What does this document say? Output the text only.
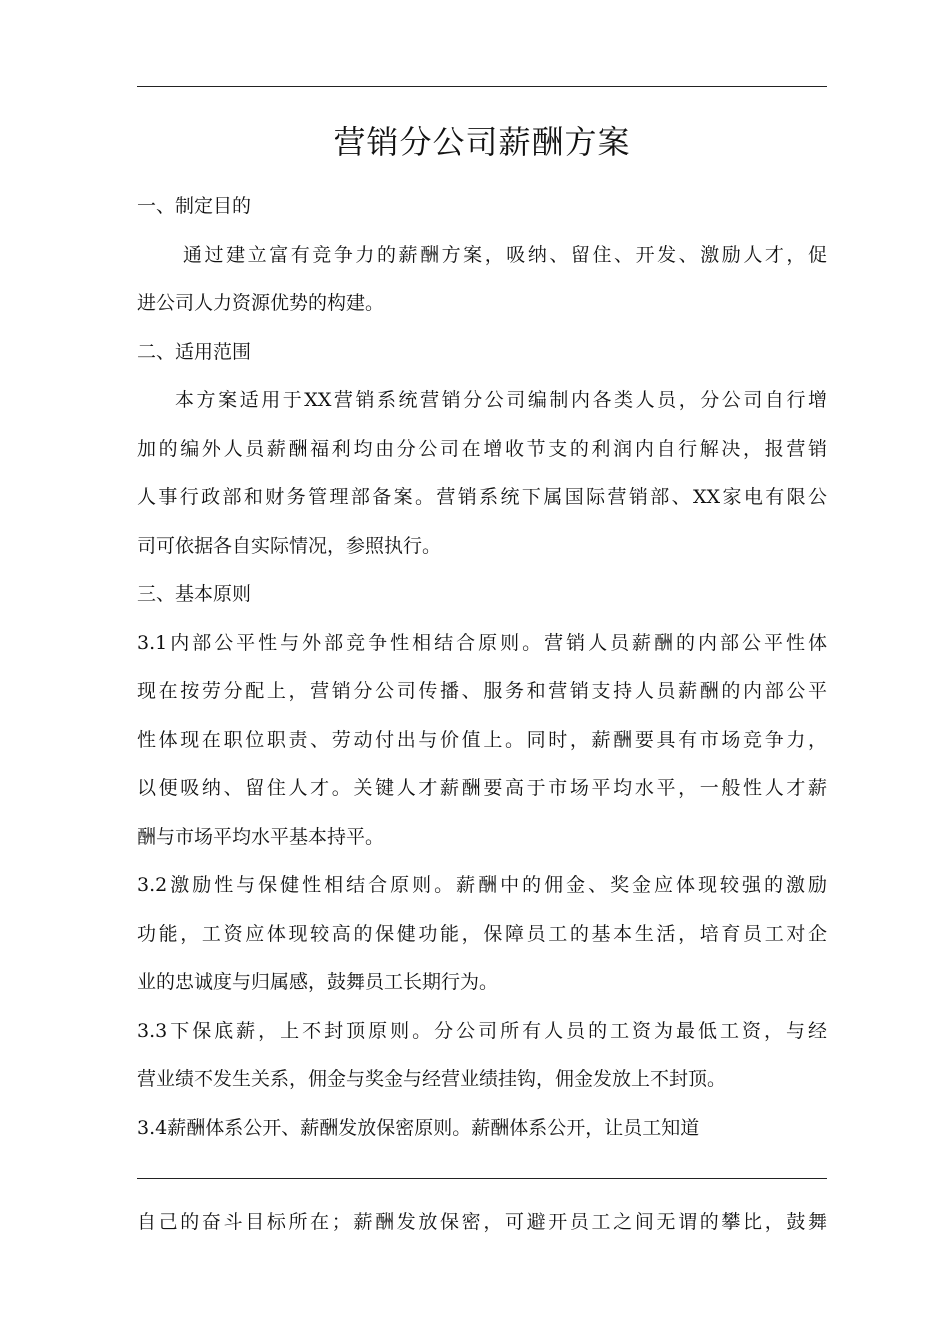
营销分公司薪酬方案
一、制定目的
通过建立富有竞争力的薪酬方案，吸纳、留住、开发、激励人才，促
进公司人力资源优势的构建。
二、适用范围
本方案适用于XX营销系统营销分公司编制内各类人员，分公司自行增
加的编外人员薪酬福利均由分公司在增收节支的利润内自行解决，报营销
人事行政部和财务管理部备案。营销系统下属国际营销部、XX家电有限公
司可依据各自实际情况，参照执行。
三、基本原则
3.1内部公平性与外部竞争性相结合原则。营销人员薪酬的内部公平性体
现在按劳分配上，营销分公司传播、服务和营销支持人员薪酬的内部公平
性体现在职位职责、劳动付出与价值上。同时，薪酬要具有市场竞争力，
以便吸纳、留住人才。关键人才薪酬要高于市场平均水平，一般性人才薪
酬与市场平均水平基本持平。
3.2激励性与保健性相结合原则。薪酬中的佣金、奖金应体现较强的激励
功能，工资应体现较高的保健功能，保障员工的基本生活，培育员工对企
业的忠诚度与归属感，鼓舞员工长期行为。
3.3下保底薪，上不封顶原则。分公司所有人员的工资为最低工资，与经
营业绩不发生关系，佣金与奖金与经营业绩挂钩，佣金发放上不封顶。
3.4薪酬体系公开、薪酬发放保密原则。薪酬体系公开，让员工知道
自己的奋斗目标所在；薪酬发放保密，可避开员工之间无谓的攀比，鼓舞
